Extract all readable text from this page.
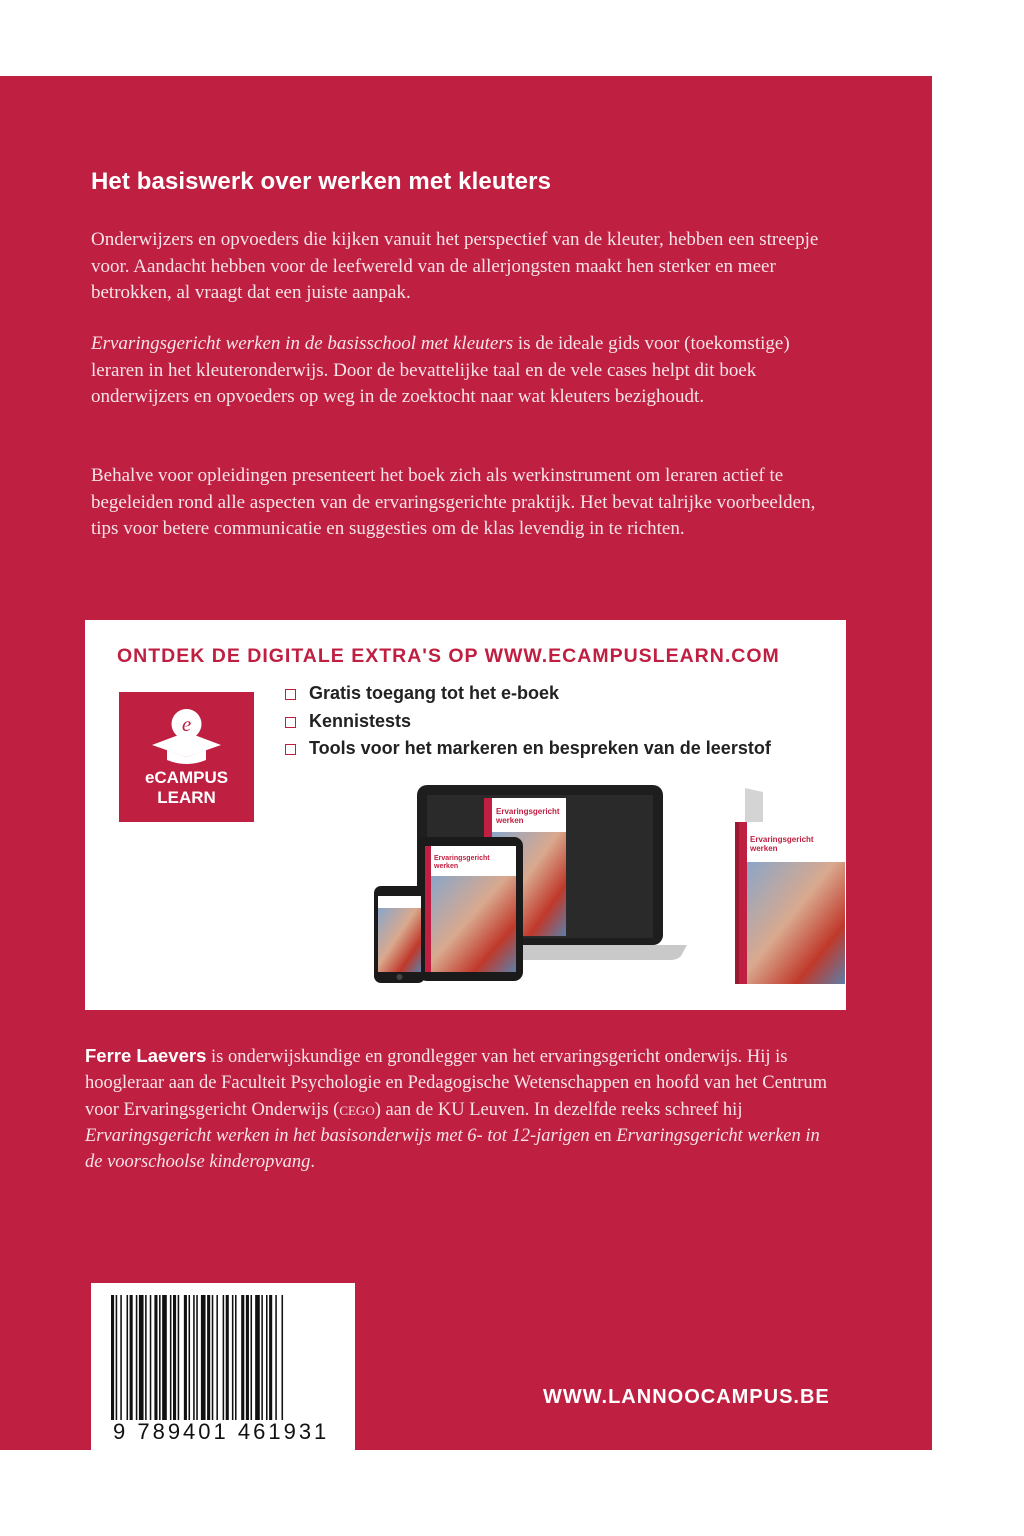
Het basiswerk over werken met kleuters

Onderwijzers en opvoeders die kijken vanuit het perspectief van de kleuter, hebben een streepje voor. Aandacht hebben voor de leefwereld van de allerjongsten maakt hen sterker en meer betrokken, al vraagt dat een juiste aanpak.

Ervaringsgericht werken in de basisschool met kleuters is de ideale gids voor (toekomstige) leraren in het kleuteronderwijs. Door de bevattelijke taal en de vele cases helpt dit boek onderwijzers en opvoeders op weg in de zoektocht naar wat kleuters bezighoudt.

Behalve voor opleidingen presenteert het boek zich als werkinstrument om leraren actief te begeleiden rond alle aspecten van de ervaringsgerichte praktijk. Het bevat talrijke voorbeelden, tips voor betere communicatie en suggesties om de klas levendig in te richten.

ONTDEK DE DIGITALE EXTRA'S OP WWW.ECAMPUSLEARN.COM
e
eCAMPUS
LEARN
Gratis toegang tot het e-boek
Kennistests
Tools voor het markeren en bespreken van de leerstof
Ervaringsgericht
werken
Ervaringsgericht
werken
Ervaringsgericht
werken

Ferre Laevers is onderwijskundige en grondlegger van het ervaringsgericht onderwijs. Hij is hoogleraar aan de Faculteit Psychologie en Pedagogische Wetenschappen en hoofd van het Centrum voor Ervaringsgericht Onderwijs (cego) aan de KU Leuven. In dezelfde reeks schreef hij Ervaringsgericht werken in het basisonderwijs met 6- tot 12-jarigen en Ervaringsgericht werken in de voorschoolse kinderopvang.

9 789401 461931
WWW.LANNOOCAMPUS.BE
